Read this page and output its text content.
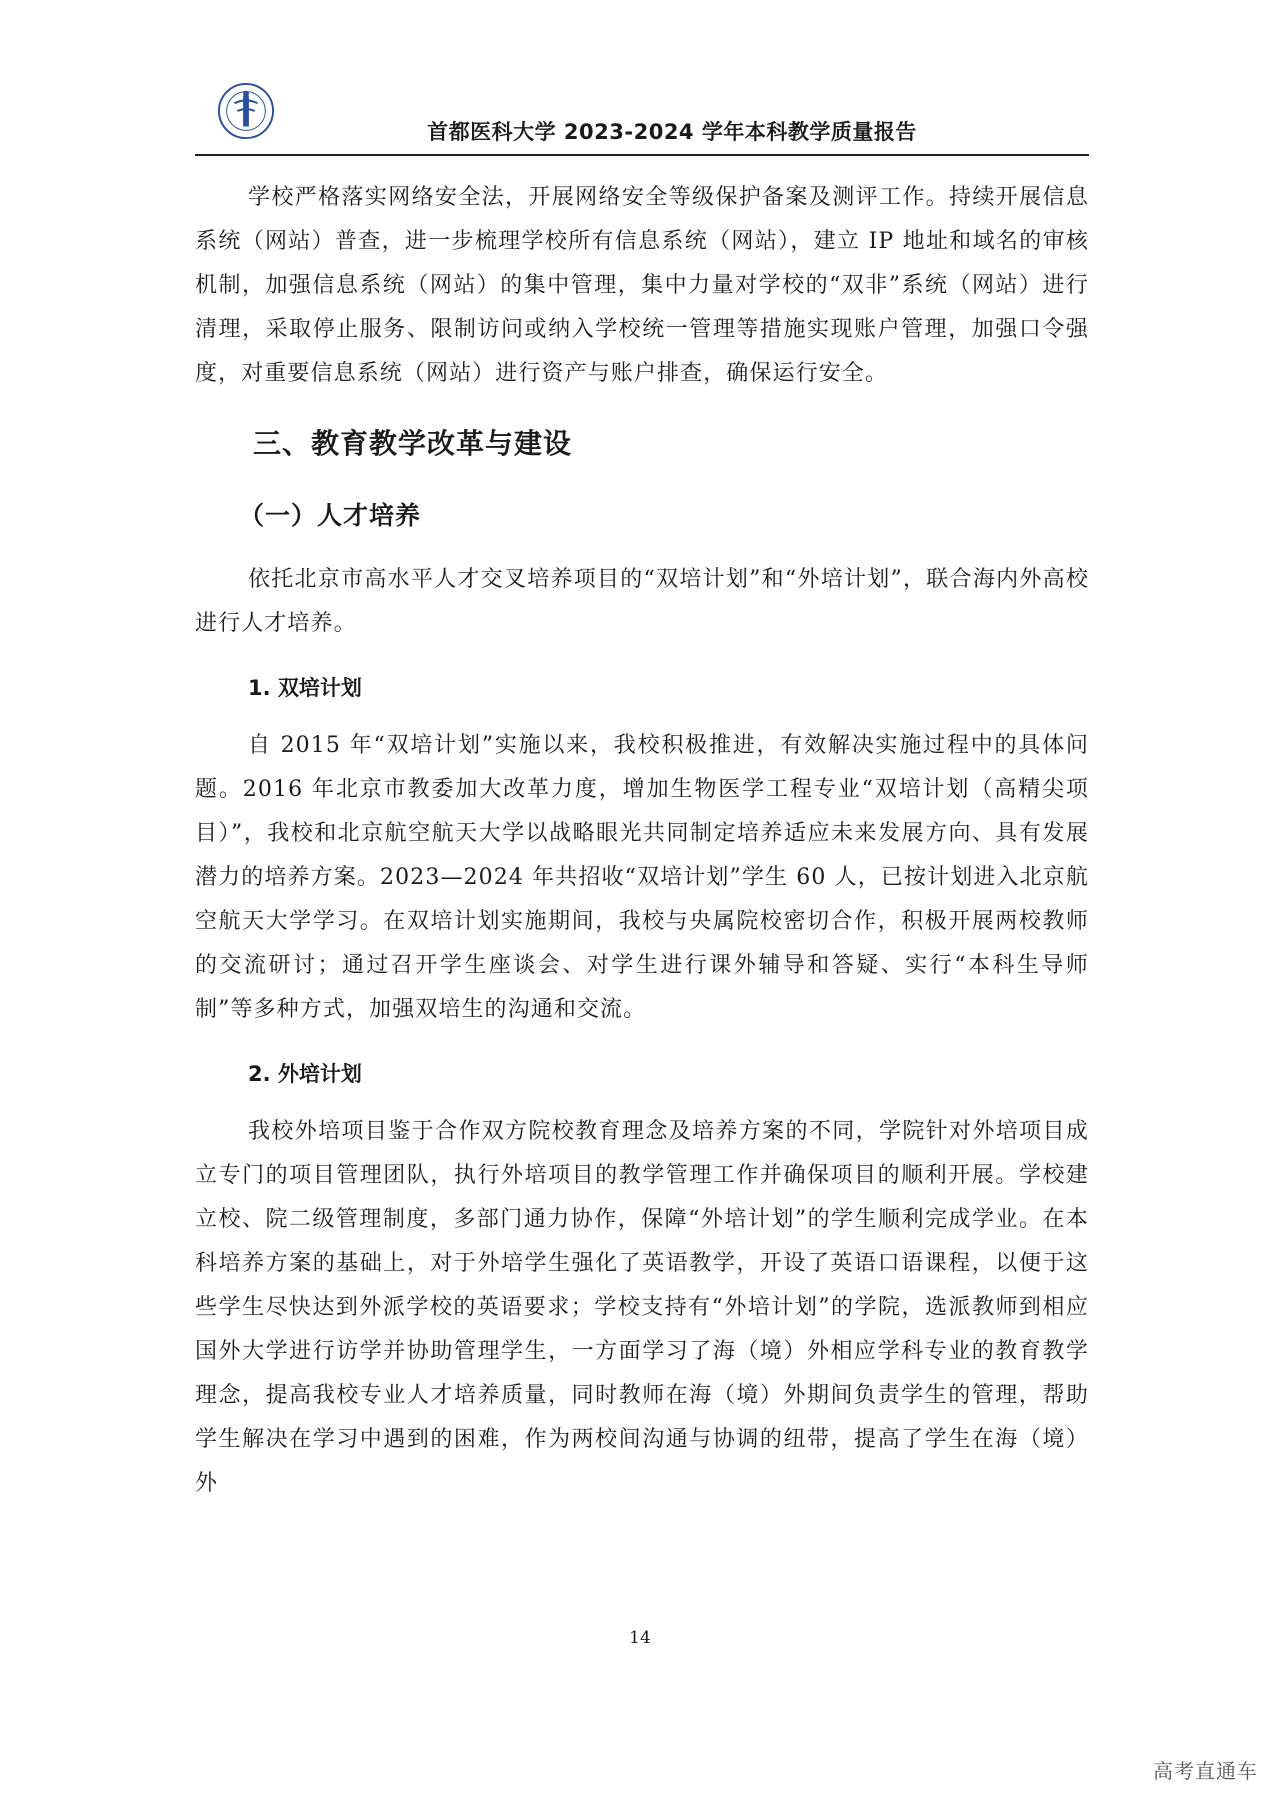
首都医科大学 2023-2024 学年本科教学质量报告

学校严格落实网络安全法，开展网络安全等级保护备案及测评工作。持续开展信息系统（网站）普查，进一步梳理学校所有信息系统（网站），建立 IP 地址和域名的审核机制，加强信息系统（网站）的集中管理，集中力量对学校的“双非”系统（网站）进行清理，采取停止服务、限制访问或纳入学校统一管理等措施实现账户管理，加强口令强度，对重要信息系统（网站）进行资产与账户排查，确保运行安全。

三、教育教学改革与建设
（一）人才培养

依托北京市高水平人才交叉培养项目的“双培计划”和“外培计划”，联合海内外高校进行人才培养。

1. 双培计划

自 2015 年“双培计划”实施以来，我校积极推进，有效解决实施过程中的具体问题。2016 年北京市教委加大改革力度，增加生物医学工程专业“双培计划（高精尖项目）”，我校和北京航空航天大学以战略眼光共同制定培养适应未来发展方向、具有发展潜力的培养方案。2023—2024 年共招收“双培计划”学生 60 人，已按计划进入北京航空航天大学学习。在双培计划实施期间，我校与央属院校密切合作，积极开展两校教师的交流研讨；通过召开学生座谈会、对学生进行课外辅导和答疑、实行“本科生导师制”等多种方式，加强双培生的沟通和交流。

2. 外培计划

我校外培项目鉴于合作双方院校教育理念及培养方案的不同，学院针对外培项目成立专门的项目管理团队，执行外培项目的教学管理工作并确保项目的顺利开展。学校建立校、院二级管理制度，多部门通力协作，保障“外培计划”的学生顺利完成学业。在本科培养方案的基础上，对于外培学生强化了英语教学，开设了英语口语课程，以便于这些学生尽快达到外派学校的英语要求；学校支持有“外培计划”的学院，选派教师到相应国外大学进行访学并协助管理学生，一方面学习了海（境）外相应学科专业的教育教学理念，提高我校专业人才培养质量，同时教师在海（境）外期间负责学生的管理，帮助学生解决在学习中遇到的困难，作为两校间沟通与协调的纽带，提高了学生在海（境）外

14
高考直通车
